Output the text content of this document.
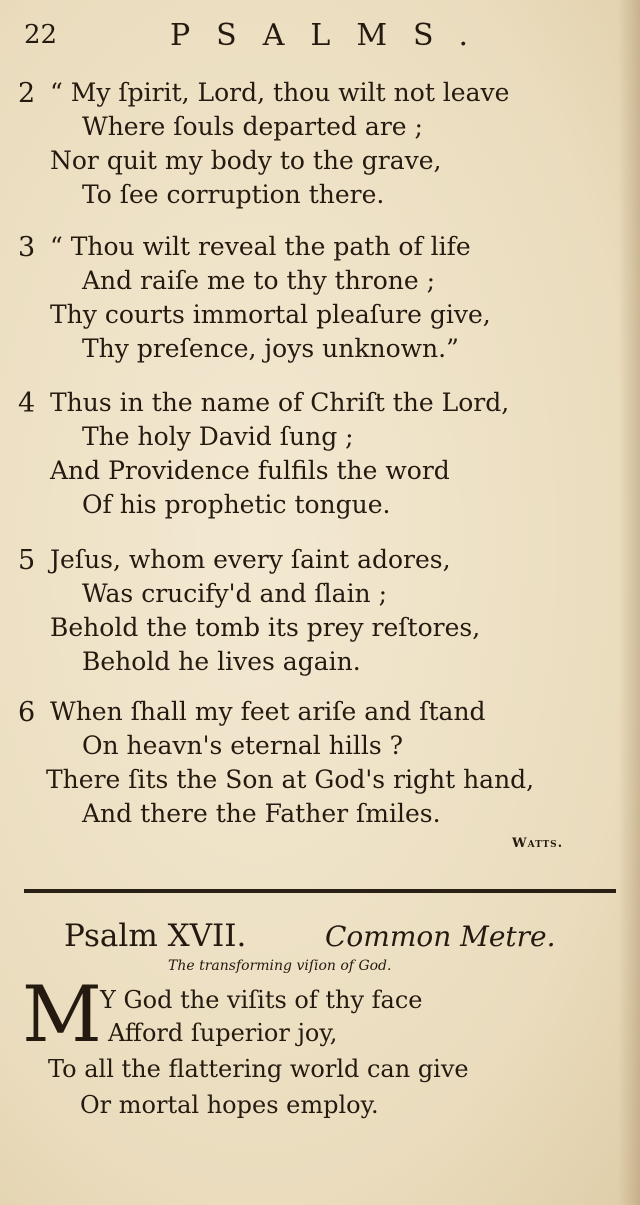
22	PSALMS.
2 “ My ſpirit, Lord, thou wilt not leave
Where ſouls departed are ;
Nor quit my body to the grave,
To ſee corruption there.
3 “ Thou wilt reveal the path of life
And raiſe me to thy throne ;
Thy courts immortal pleaſure give,
Thy preſence, joys unknown.”
4 Thus in the name of Chriſt the Lord,
The holy David ſung ;
And Providence fulfils the word
Of his prophetic tongue.
5 Jeſus, whom every ſaint adores,
Was crucify'd and ſlain ;
Behold the tomb its prey reſtores,
Behold he lives again.
6 When ſhall my feet ariſe and ſtand
On heavn's eternal hills ?
There ſits the Son at God's right hand,
And there the Father ſmiles.
Watts.
Psalm XVII.	Common Metre.
The transforming viſion of God.
M
Y God the viſits of thy face
Afford ſuperior joy,
To all the flattering world can give
Or mortal hopes employ.
